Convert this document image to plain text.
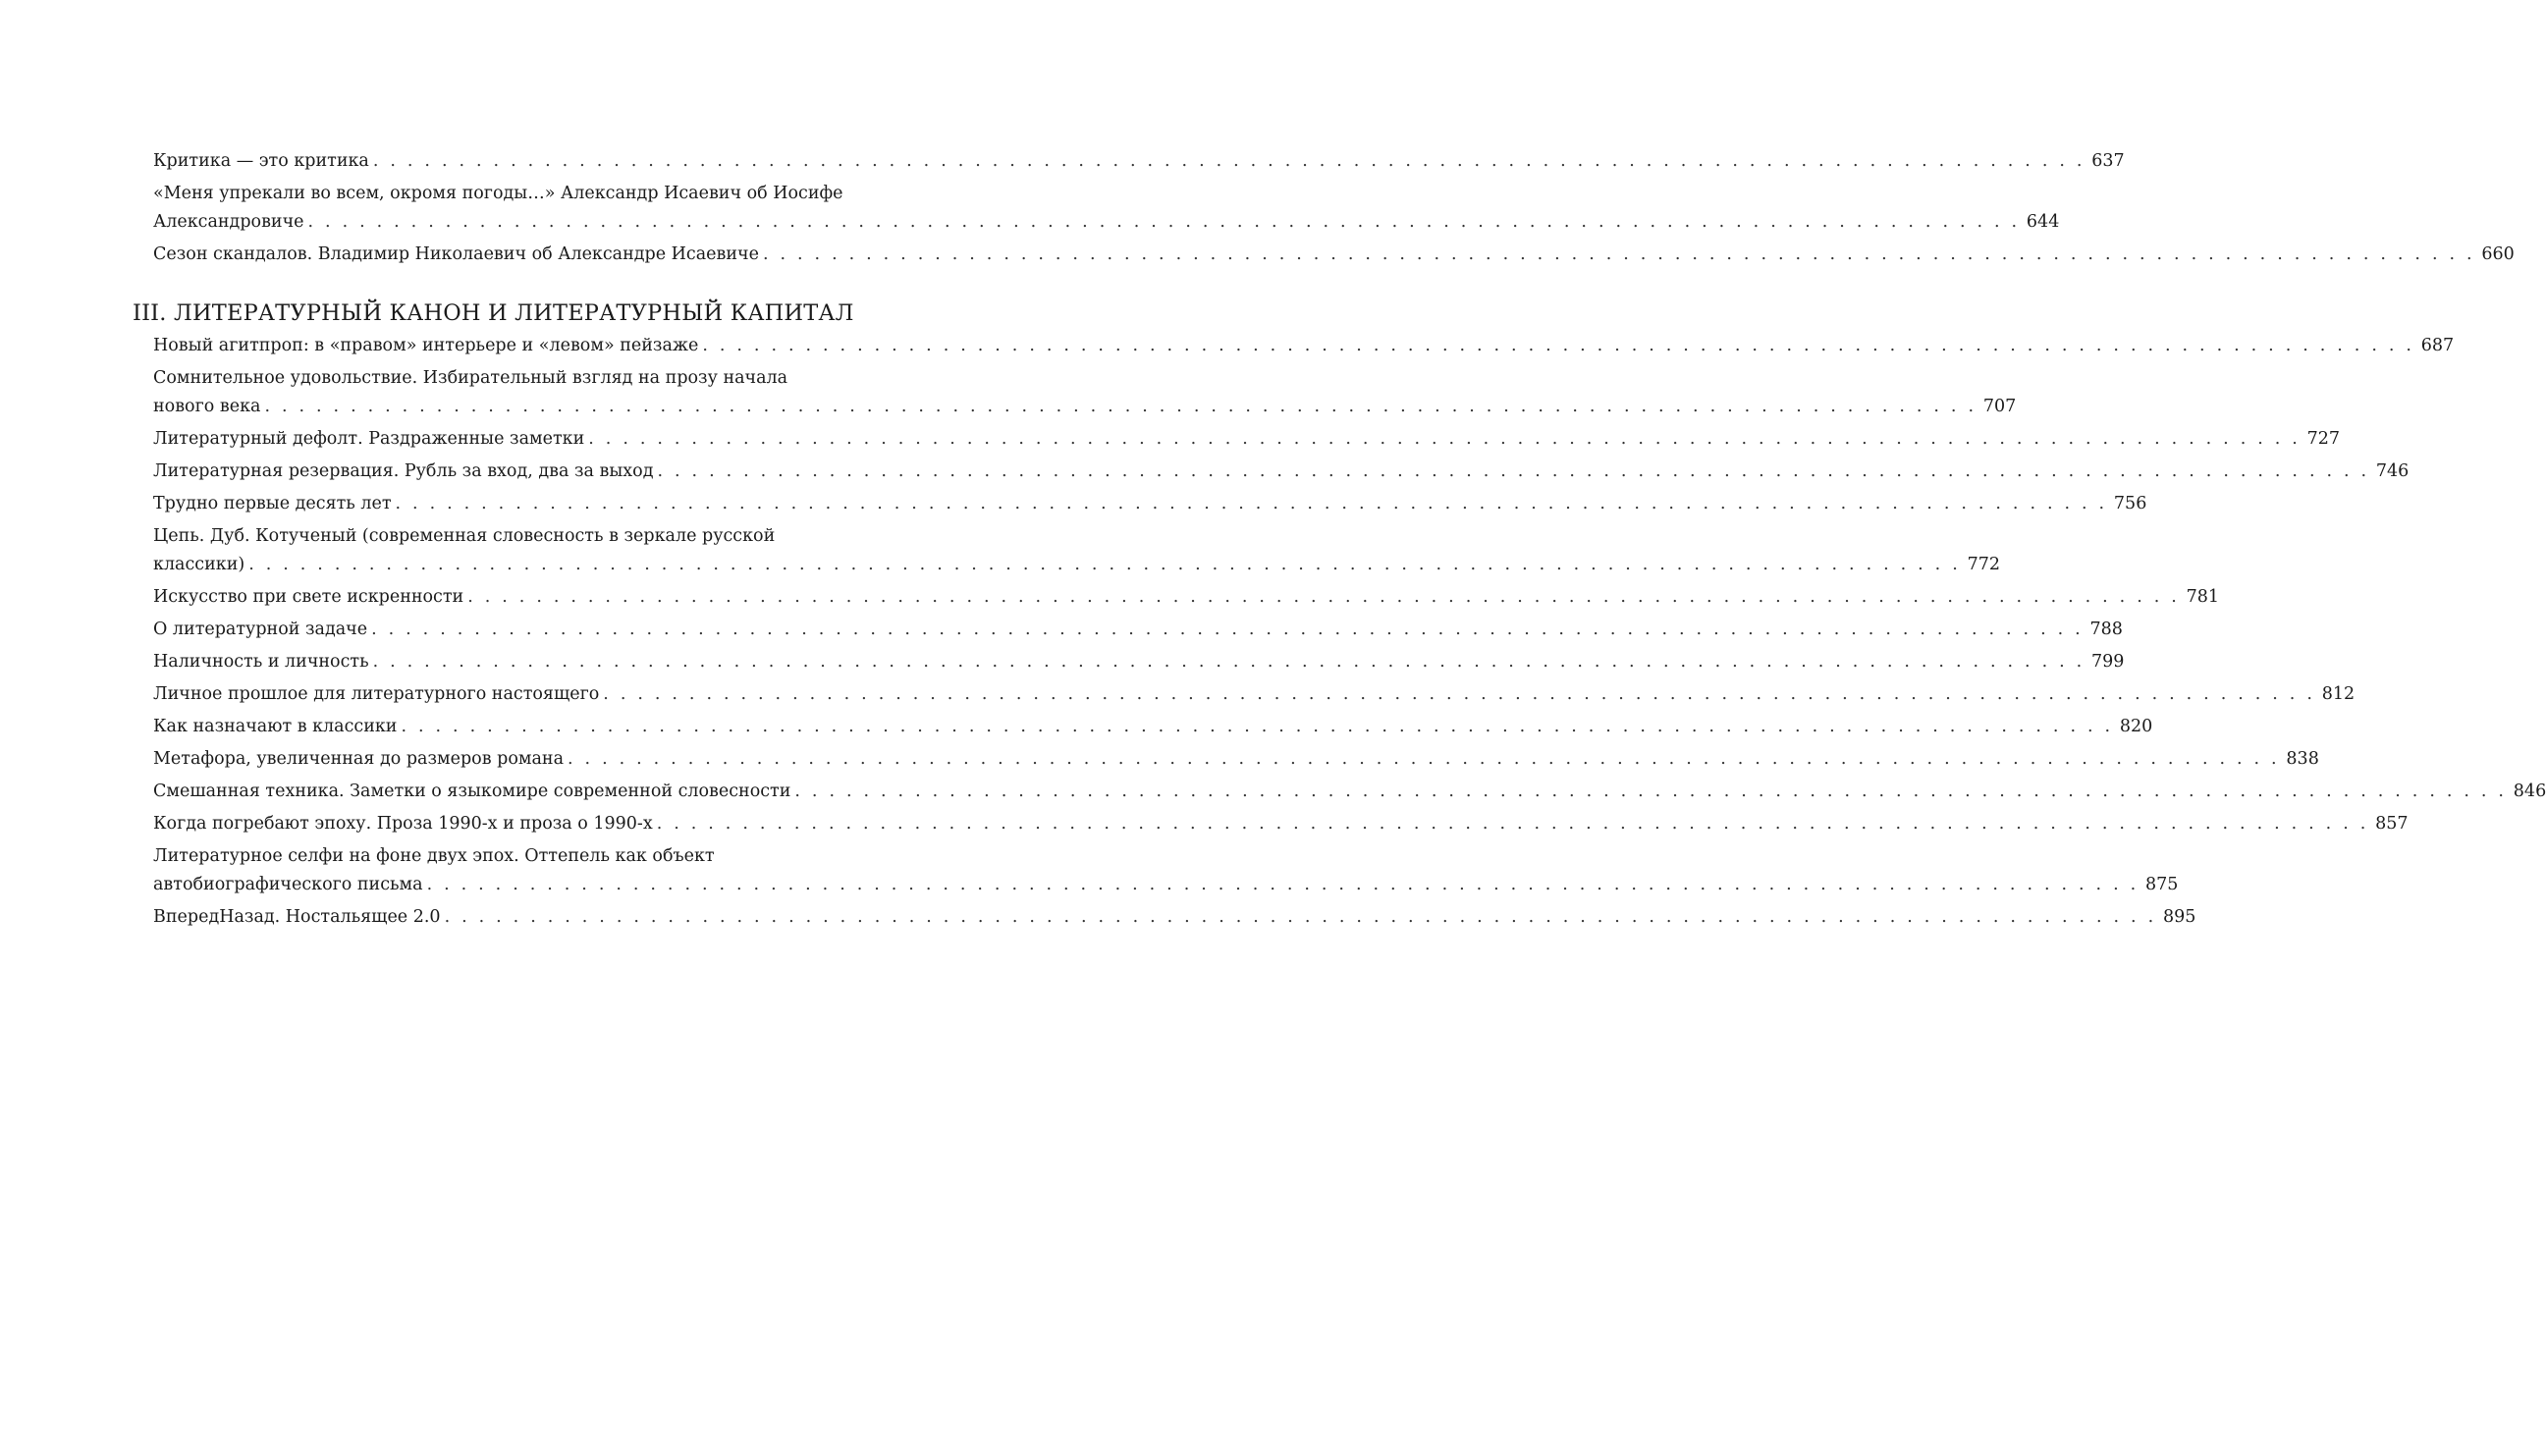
Критика — это критика . . . . . . . . . . . . . . . . . . . . . . . . . . . . . . . . . . . . . . . . . . . . . . . . . . . . . . . . . . . . . . . . . . . . . . . . . . . . . . . . . . . . . . . . . . . . . . . . . . . . 637
«Меня упрекали во всем, окромя погоды…» Александр Исаевич об Иосифе
Александровиче . . . . . . . . . . . . . . . . . . . . . . . . . . . . . . . . . . . . . . . . . . . . . . . . . . . . . . . . . . . . . . . . . . . . . . . . . . . . . . . . . . . . . . . . . . . . . . . . . . . . 644
Сезон скандалов. Владимир Николаевич об Александре Исаевиче . . . . . . . . . . . . . . . . . . . . . . . . . . . . . . . . . . . . . . . . . . . . . . . . . . . . . . . . . . . . . . . . . . . . . . . . . . . . . . . . . . . . . . . . . . . . . . . . . . . . 660
III. ЛИТЕРАТУРНЫЙ КАНОН И ЛИТЕРАТУРНЫЙ КАПИТАЛ
Новый агитпроп: в «правом» интерьере и «левом» пейзаже . . . . . . . . . . . . . . . . . . . . . . . . . . . . . . . . . . . . . . . . . . . . . . . . . . . . . . . . . . . . . . . . . . . . . . . . . . . . . . . . . . . . . . . . . . . . . . . . . . . . 687
Сомнительное удовольствие. Избирательный взгляд на прозу начала
нового века . . . . . . . . . . . . . . . . . . . . . . . . . . . . . . . . . . . . . . . . . . . . . . . . . . . . . . . . . . . . . . . . . . . . . . . . . . . . . . . . . . . . . . . . . . . . . . . . . . . . 707
Литературный дефолт. Раздраженные заметки . . . . . . . . . . . . . . . . . . . . . . . . . . . . . . . . . . . . . . . . . . . . . . . . . . . . . . . . . . . . . . . . . . . . . . . . . . . . . . . . . . . . . . . . . . . . . . . . . . . . 727
Литературная резервация. Рубль за вход, два за выход . . . . . . . . . . . . . . . . . . . . . . . . . . . . . . . . . . . . . . . . . . . . . . . . . . . . . . . . . . . . . . . . . . . . . . . . . . . . . . . . . . . . . . . . . . . . . . . . . . . . 746
Трудно первые десять лет . . . . . . . . . . . . . . . . . . . . . . . . . . . . . . . . . . . . . . . . . . . . . . . . . . . . . . . . . . . . . . . . . . . . . . . . . . . . . . . . . . . . . . . . . . . . . . . . . . . . 756
Цепь. Дуб. Котученый (современная словесность в зеркале русской
классики) . . . . . . . . . . . . . . . . . . . . . . . . . . . . . . . . . . . . . . . . . . . . . . . . . . . . . . . . . . . . . . . . . . . . . . . . . . . . . . . . . . . . . . . . . . . . . . . . . . . . 772
Искусство при свете искренности . . . . . . . . . . . . . . . . . . . . . . . . . . . . . . . . . . . . . . . . . . . . . . . . . . . . . . . . . . . . . . . . . . . . . . . . . . . . . . . . . . . . . . . . . . . . . . . . . . . . 781
О литературной задаче . . . . . . . . . . . . . . . . . . . . . . . . . . . . . . . . . . . . . . . . . . . . . . . . . . . . . . . . . . . . . . . . . . . . . . . . . . . . . . . . . . . . . . . . . . . . . . . . . . . . 788
Наличность и личность . . . . . . . . . . . . . . . . . . . . . . . . . . . . . . . . . . . . . . . . . . . . . . . . . . . . . . . . . . . . . . . . . . . . . . . . . . . . . . . . . . . . . . . . . . . . . . . . . . . . 799
Личное прошлое для литературного настоящего . . . . . . . . . . . . . . . . . . . . . . . . . . . . . . . . . . . . . . . . . . . . . . . . . . . . . . . . . . . . . . . . . . . . . . . . . . . . . . . . . . . . . . . . . . . . . . . . . . . . 812
Как назначают в классики . . . . . . . . . . . . . . . . . . . . . . . . . . . . . . . . . . . . . . . . . . . . . . . . . . . . . . . . . . . . . . . . . . . . . . . . . . . . . . . . . . . . . . . . . . . . . . . . . . . . 820
Метафора, увеличенная до размеров романа . . . . . . . . . . . . . . . . . . . . . . . . . . . . . . . . . . . . . . . . . . . . . . . . . . . . . . . . . . . . . . . . . . . . . . . . . . . . . . . . . . . . . . . . . . . . . . . . . . . . 838
Смешанная техника. Заметки о языкомире современной словесности . . . . . . . . . . . . . . . . . . . . . . . . . . . . . . . . . . . . . . . . . . . . . . . . . . . . . . . . . . . . . . . . . . . . . . . . . . . . . . . . . . . . . . . . . . . . . . . . . . . . 846
Когда погребают эпоху. Проза 1990-х и проза о 1990-х . . . . . . . . . . . . . . . . . . . . . . . . . . . . . . . . . . . . . . . . . . . . . . . . . . . . . . . . . . . . . . . . . . . . . . . . . . . . . . . . . . . . . . . . . . . . . . . . . . . . 857
Литературное селфи на фоне двух эпох. Оттепель как объект
автобиографического письма . . . . . . . . . . . . . . . . . . . . . . . . . . . . . . . . . . . . . . . . . . . . . . . . . . . . . . . . . . . . . . . . . . . . . . . . . . . . . . . . . . . . . . . . . . . . . . . . . . . . 875
ВпередНазад. Ностальящее 2.0 . . . . . . . . . . . . . . . . . . . . . . . . . . . . . . . . . . . . . . . . . . . . . . . . . . . . . . . . . . . . . . . . . . . . . . . . . . . . . . . . . . . . . . . . . . . . . . . . . . . . 895
